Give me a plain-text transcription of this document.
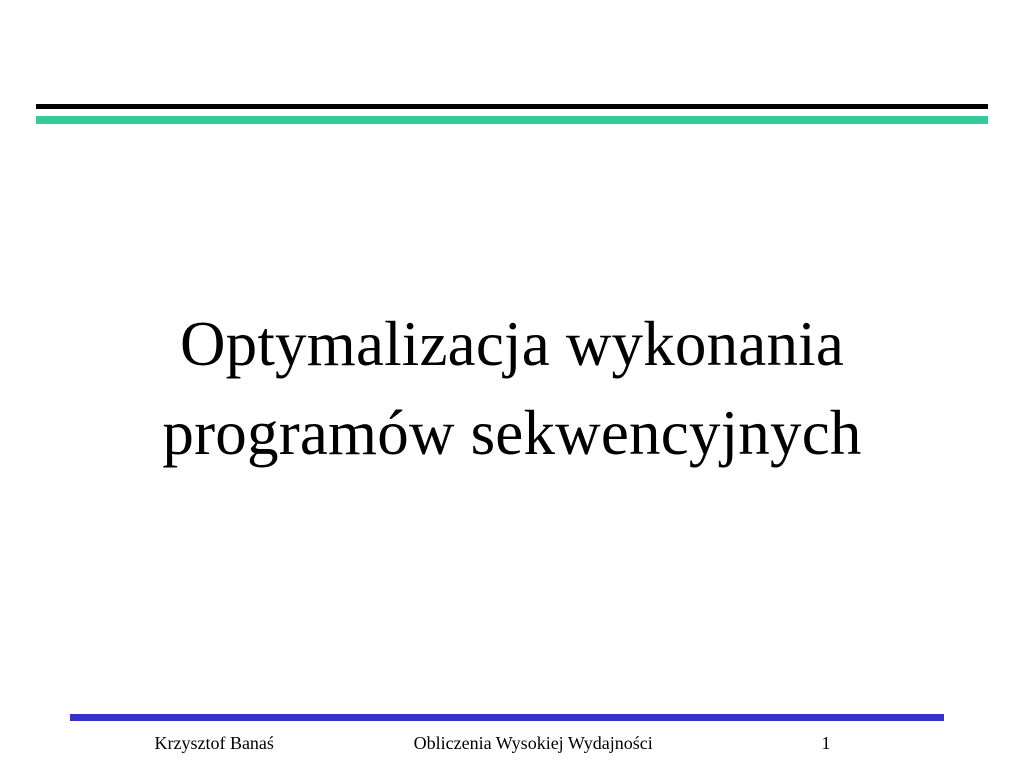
Optymalizacja wykonania
programów sekwencyjnych
Krzysztof Banaś	Obliczenia Wysokiej Wydajności	1
